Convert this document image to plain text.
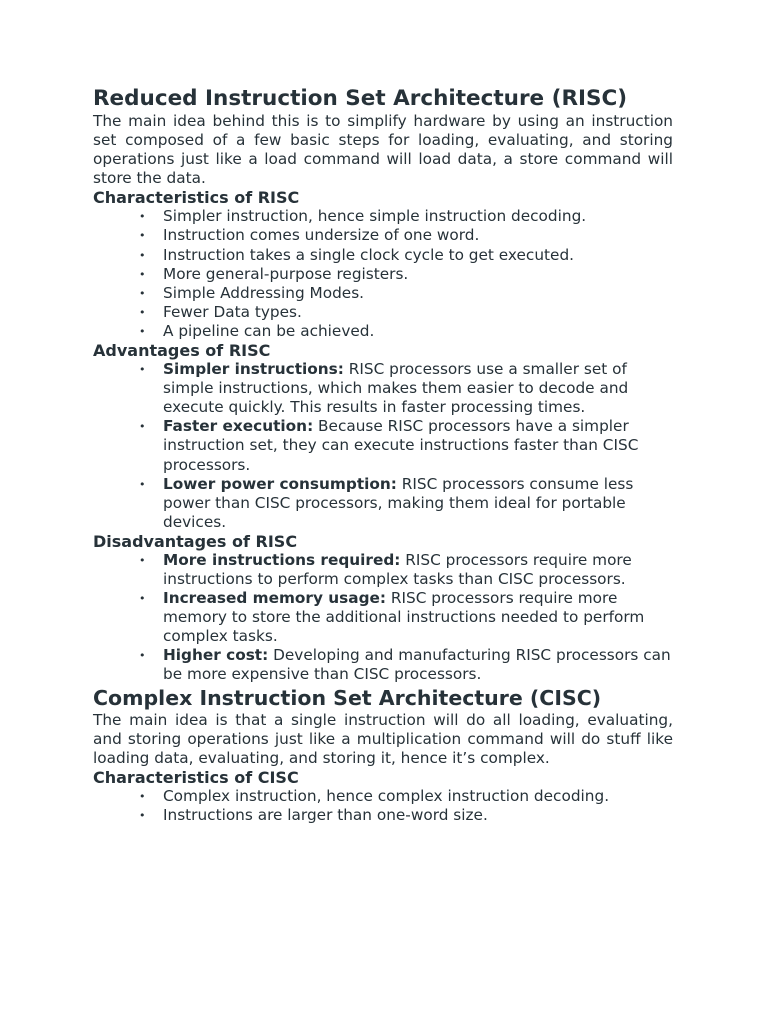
Reduced Instruction Set Architecture (RISC)

The main idea behind this is to simplify hardware by using an instruction set composed of a few basic steps for loading, evaluating, and storing operations just like a load command will load data, a store command will store the data.

Characteristics of RISC
• Simpler instruction, hence simple instruction decoding.
• Instruction comes undersize of one word.
• Instruction takes a single clock cycle to get executed.
• More general-purpose registers.
• Simple Addressing Modes.
• Fewer Data types.
• A pipeline can be achieved.
Advantages of RISC
• Simpler instructions: RISC processors use a smaller set of simple instructions, which makes them easier to decode and execute quickly. This results in faster processing times.
• Faster execution: Because RISC processors have a simpler instruction set, they can execute instructions faster than CISC processors.
• Lower power consumption: RISC processors consume less power than CISC processors, making them ideal for portable devices.
Disadvantages of RISC
• More instructions required: RISC processors require more instructions to perform complex tasks than CISC processors.
• Increased memory usage: RISC processors require more memory to store the additional instructions needed to perform complex tasks.
• Higher cost: Developing and manufacturing RISC processors can be more expensive than CISC processors.
Complex Instruction Set Architecture (CISC)

The main idea is that a single instruction will do all loading, evaluating, and storing operations just like a multiplication command will do stuff like loading data, evaluating, and storing it, hence it’s complex.

Characteristics of CISC
• Complex instruction, hence complex instruction decoding.
• Instructions are larger than one-word size.
